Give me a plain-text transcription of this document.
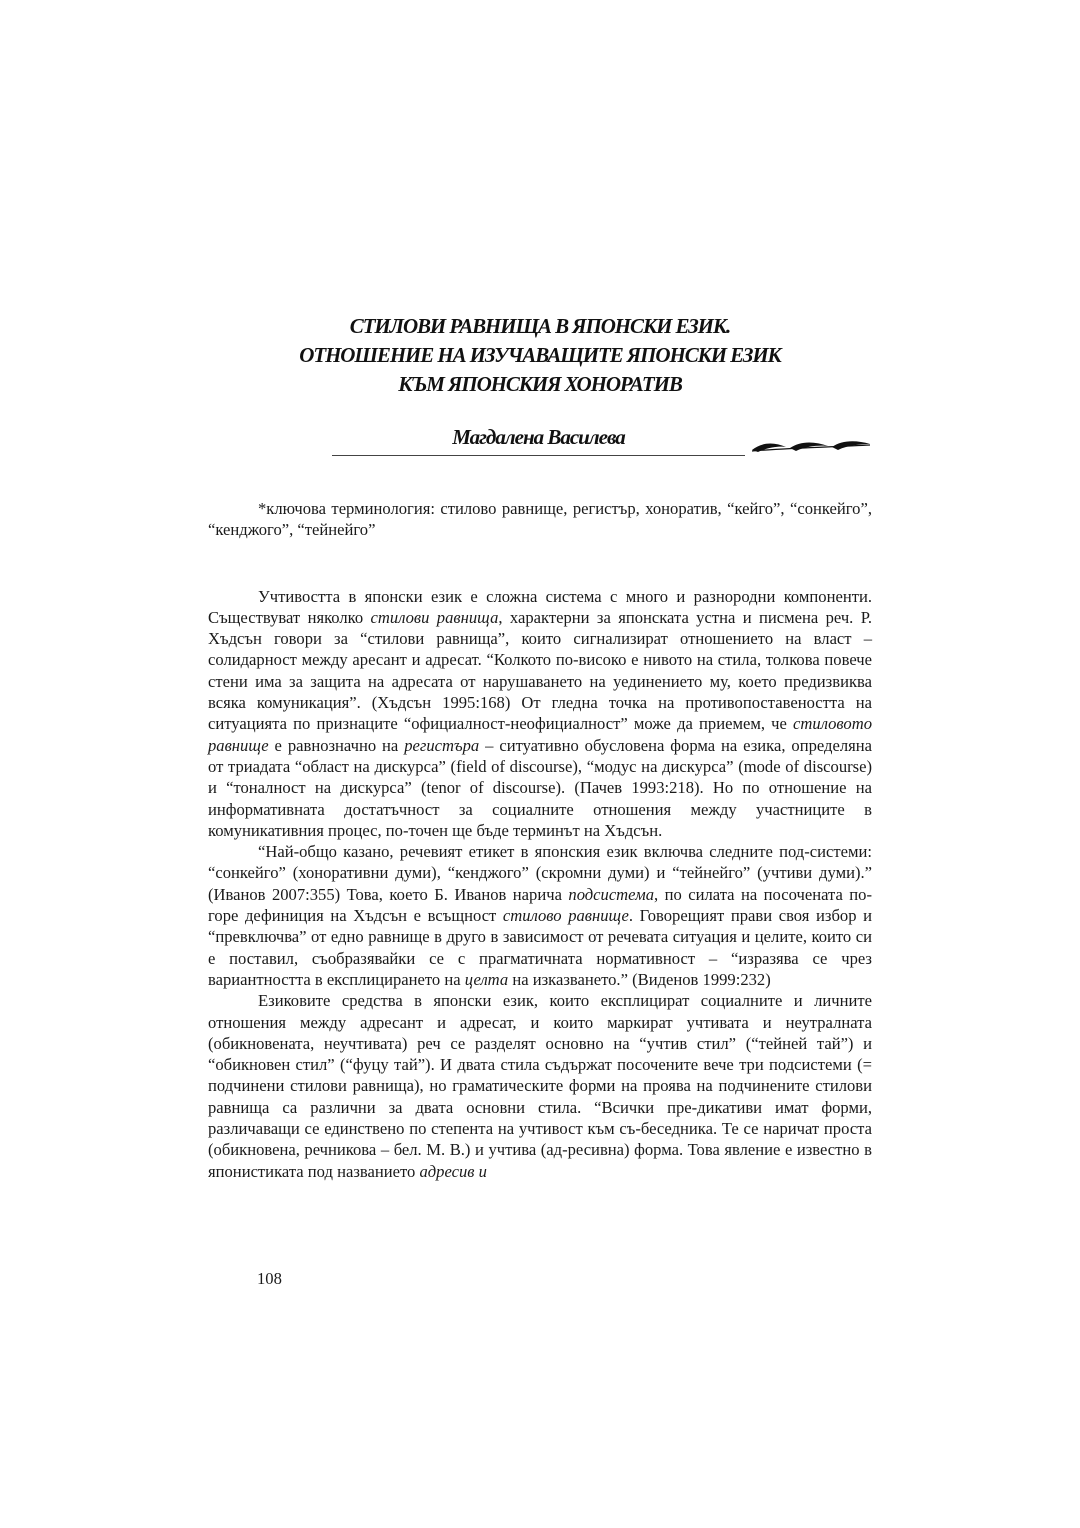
СТИЛОВИ РАВНИЩА В ЯПОНСКИ ЕЗИК.
ОТНОШЕНИЕ НА ИЗУЧАВАЩИТЕ ЯПОНСКИ ЕЗИК
КЪМ ЯПОНСКИЯ ХОНОРАТИВ
Магдалена Василева

*ключова терминология: стилово равнище, регистър, хоноратив, “кейго”, “сонкейго”, “кенджого”, “тейнейго”

Учтивостта в японски език е сложна система с много и разнородни компоненти. Съществуват няколко стилови равнища, характерни за японската устна и писмена реч. Р. Хъдсън говори за “стилови равнища”, които сигнализират отношението на власт – солидарност между аресант и адресат. “Колкото по-високо е нивото на стила, толкова повече стени има за защита на адресата от нарушаването на уединението му, което предизвиква всяка комуникация”. (Хъдсън 1995:168) От гледна точка на противопоставеността на ситуацията по признаците “официалност-неофициалност” може да приемем, че стиловото равнище е равнозначно на регистъра – ситуативно обусловена форма на езика, определяна от триадата “област на дискурса” (field of discourse), “модус на дискурса” (mode of discourse) и “тоналност на дискурса” (tenor of discourse). (Пачев 1993:218). Но по отношение на информативната достатъчност за социалните отношения между участниците в комуникативния процес, по-точен ще бъде терминът на Хъдсън.

“Най-общо казано, речевият етикет в японския език включва следните под-системи: “сонкейго” (хоноративни думи), “кенджого” (скромни думи) и “тейнейго” (учтиви думи).” (Иванов 2007:355) Това, което Б. Иванов нарича подсистема, по силата на посочената по-горе дефиниция на Хъдсън е всъщност стилово равнище. Говорещият прави своя избор и “превключва” от едно равнище в друго в зависимост от речевата ситуация и целите, които си е поставил, съобразявайки се с прагматичната нормативност – “изразява се чрез вариантността в експлицирането на целта на изказването.” (Виденов 1999:232)

Езиковите средства в японски език, които експлицират социалните и личните отношения между адресант и адресат, и които маркират учтивата и неутралната (обикновената, неучтивата) реч се разделят основно на “учтив стил” (“тейней тай”) и “обикновен стил” (“фуцу тай”). И двата стила съдържат посочените вече три подсистеми (= подчинени стилови равнища), но граматическите форми на проява на подчинените стилови равнища са различни за двата основни стила. “Всички пре-дикативи имат форми, различаващи се единствено по степента на учтивост към съ-беседника. Те се наричат проста (обикновена, речникова – бел. М. В.) и учтива (ад-ресивна) форма. Това явление е известно в японистиката под названието адресив и

108
